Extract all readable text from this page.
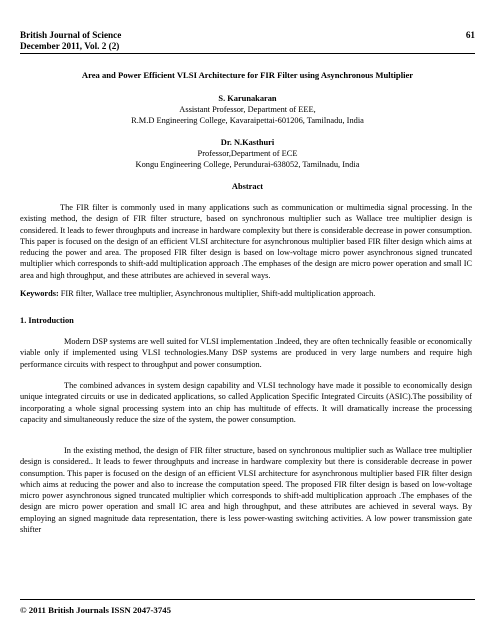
British Journal of Science	61
December 2011, Vol. 2 (2)
Area and Power Efficient VLSI Architecture for FIR Filter using Asynchronous Multiplier
S. Karunakaran
Assistant Professor, Department of EEE,
R.M.D Engineering College, Kavaraipettai-601206, Tamilnadu, India
Dr. N.Kasthuri
Professor,Department of ECE
Kongu Engineering College, Perundurai-638052, Tamilnadu, India
Abstract

The FIR filter is commonly used in many applications such as communication or multimedia signal processing. In the existing method, the design of FIR filter structure, based on synchronous multiplier such as Wallace tree multiplier design is considered. It leads to fewer throughputs and increase in hardware complexity but there is considerable decrease in power consumption. This paper is focused on the design of an efficient VLSI architecture for asynchronous multiplier based FIR filter design which aims at reducing the power and area. The proposed FIR filter design is based on low-voltage micro power asynchronous signed truncated multiplier which corresponds to shift-add multiplication approach .The emphases of the design are micro power operation and small IC area and high throughput, and these attributes are achieved in several ways.

Keywords: FIR filter, Wallace tree multiplier, Asynchronous multiplier, Shift-add multiplication approach.
1. Introduction

Modern DSP systems are well suited for VLSI implementation .Indeed, they are often technically feasible or economically viable only if implemented using VLSI technologies.Many DSP systems are produced in very large numbers and require high performance circuits with respect to throughput and power consumption.

The combined advances in system design capability and VLSI technology have made it possible to economically design unique integrated circuits or use in dedicated applications, so called Application Specific Integrated Circuits (ASIC).The possibility of incorporating a whole signal processing system into an chip has multitude of effects. It will dramatically increase the processing capacity and simultaneously reduce the size of the system, the power consumption.

In the existing method, the design of FIR filter structure, based on synchronous multiplier such as Wallace tree multiplier design is considered.. It leads to fewer throughputs and increase in hardware complexity but there is considerable decrease in power consumption. This paper is focused on the design of an efficient VLSI architecture for asynchronous multiplier based FIR filter design which aims at reducing the power and also to increase the computation speed. The proposed FIR filter design is based on low-voltage micro power asynchronous signed truncated multiplier which corresponds to shift-add multiplication approach .The emphases of the design are micro power operation and small IC area and high throughput, and these attributes are achieved in several ways. By employing an signed magnitude data representation, there is less power-wasting switching activities. A low power transmission gate shifter

© 2011 British Journals ISSN 2047-3745
